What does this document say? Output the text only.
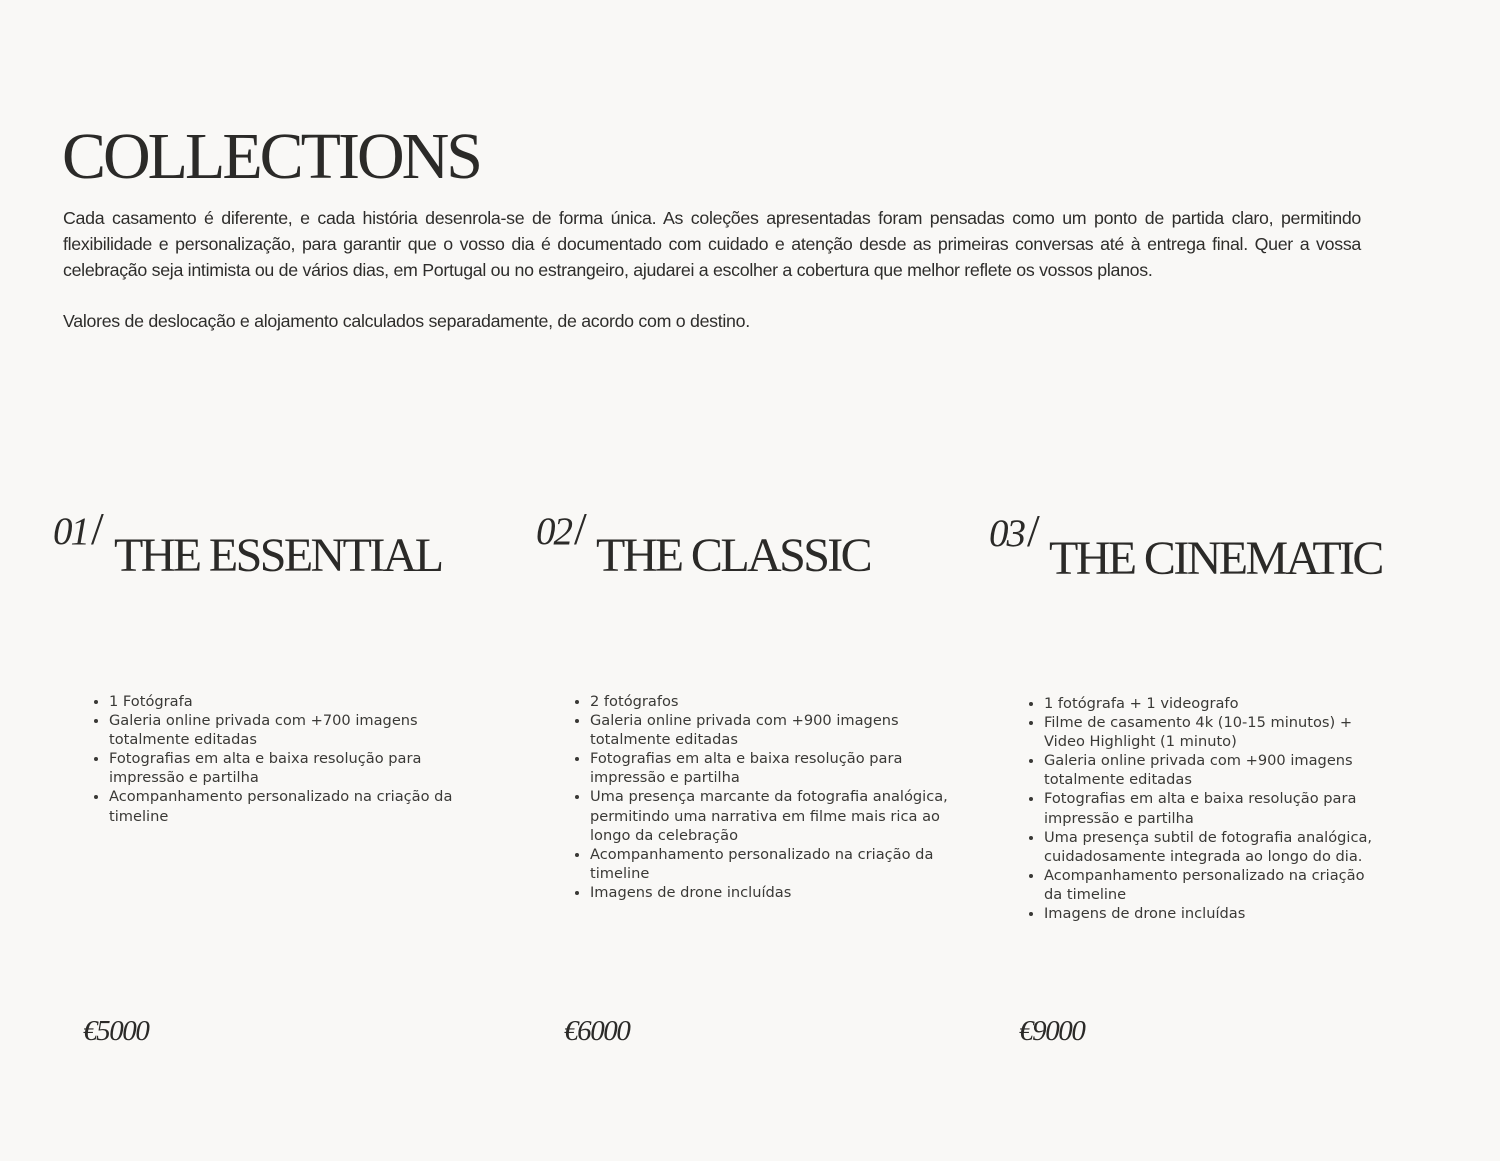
COLLECTIONS

Cada casamento é diferente, e cada história desenrola-se de forma única. As coleções apresentadas foram pensadas como um ponto de partida claro, permitindo flexibilidade e personalização, para garantir que o vosso dia é documentado com cuidado e atenção desde as primeiras conversas até à entrega final. Quer a vossa celebração seja intimista ou de vários dias, em Portugal ou no estrangeiro, ajudarei a escolher a cobertura que melhor reflete os vossos planos.

Valores de deslocação e alojamento calculados separadamente, de acordo com o destino.

01/
THE ESSENTIAL
• 1 Fotógrafa
• Galeria online privada com +700 imagens totalmente editadas
• Fotografias em alta e baixa resolução para impressão e partilha
• Acompanhamento personalizado na criação da timeline
€5000
02/
THE CLASSIC
• 2 fotógrafos
• Galeria online privada com +900 imagens totalmente editadas
• Fotografias em alta e baixa resolução para impressão e partilha
• Uma presença marcante da fotografia analógica, permitindo uma narrativa em filme mais rica ao longo da celebração
• Acompanhamento personalizado na criação da timeline
• Imagens de drone incluídas
€6000
03/
THE CINEMATIC
• 1 fotógrafa + 1 videografo
• Filme de casamento 4k (10-15 minutos) + Video Highlight (1 minuto)
• Galeria online privada com +900 imagens totalmente editadas
• Fotografias em alta e baixa resolução para impressão e partilha
• Uma presença subtil de fotografia analógica, cuidadosamente integrada ao longo do dia.
• Acompanhamento personalizado na criação da timeline
• Imagens de drone incluídas
€9000
